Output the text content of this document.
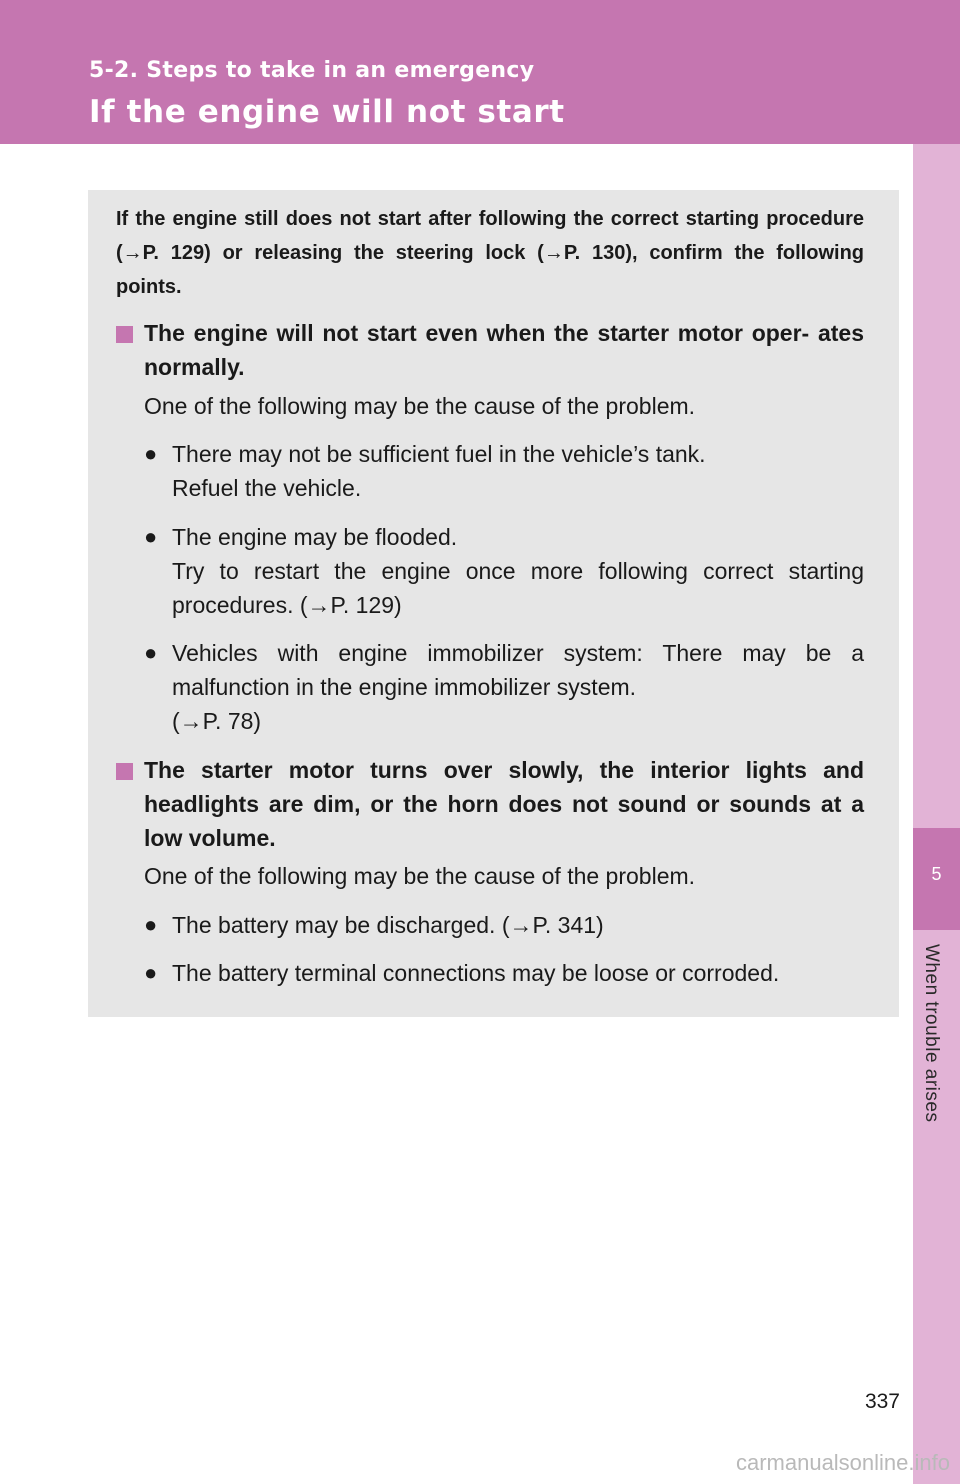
5-2. Steps to take in an emergency
If the engine will not start
5
When trouble arises
If the engine still does not start after following the correct starting procedure (→P. 129) or releasing the steering lock (→P. 130), confirm the following points.
The engine will not start even when the starter motor oper- ates normally.
One of the following may be the cause of the problem.
● There may not be sufficient fuel in the vehicle’s tank.
Refuel the vehicle.
● The engine may be flooded.
Try to restart the engine once more following correct starting procedures. (→P. 129)
● Vehicles with engine immobilizer system: There may be a malfunction in the engine immobilizer system.
(→P. 78)
The starter motor turns over slowly, the interior lights and headlights are dim, or the horn does not sound or sounds at a low volume.
One of the following may be the cause of the problem.
● The battery may be discharged. (→P. 341)
● The battery terminal connections may be loose or corroded.
337
carmanualsonline.info
